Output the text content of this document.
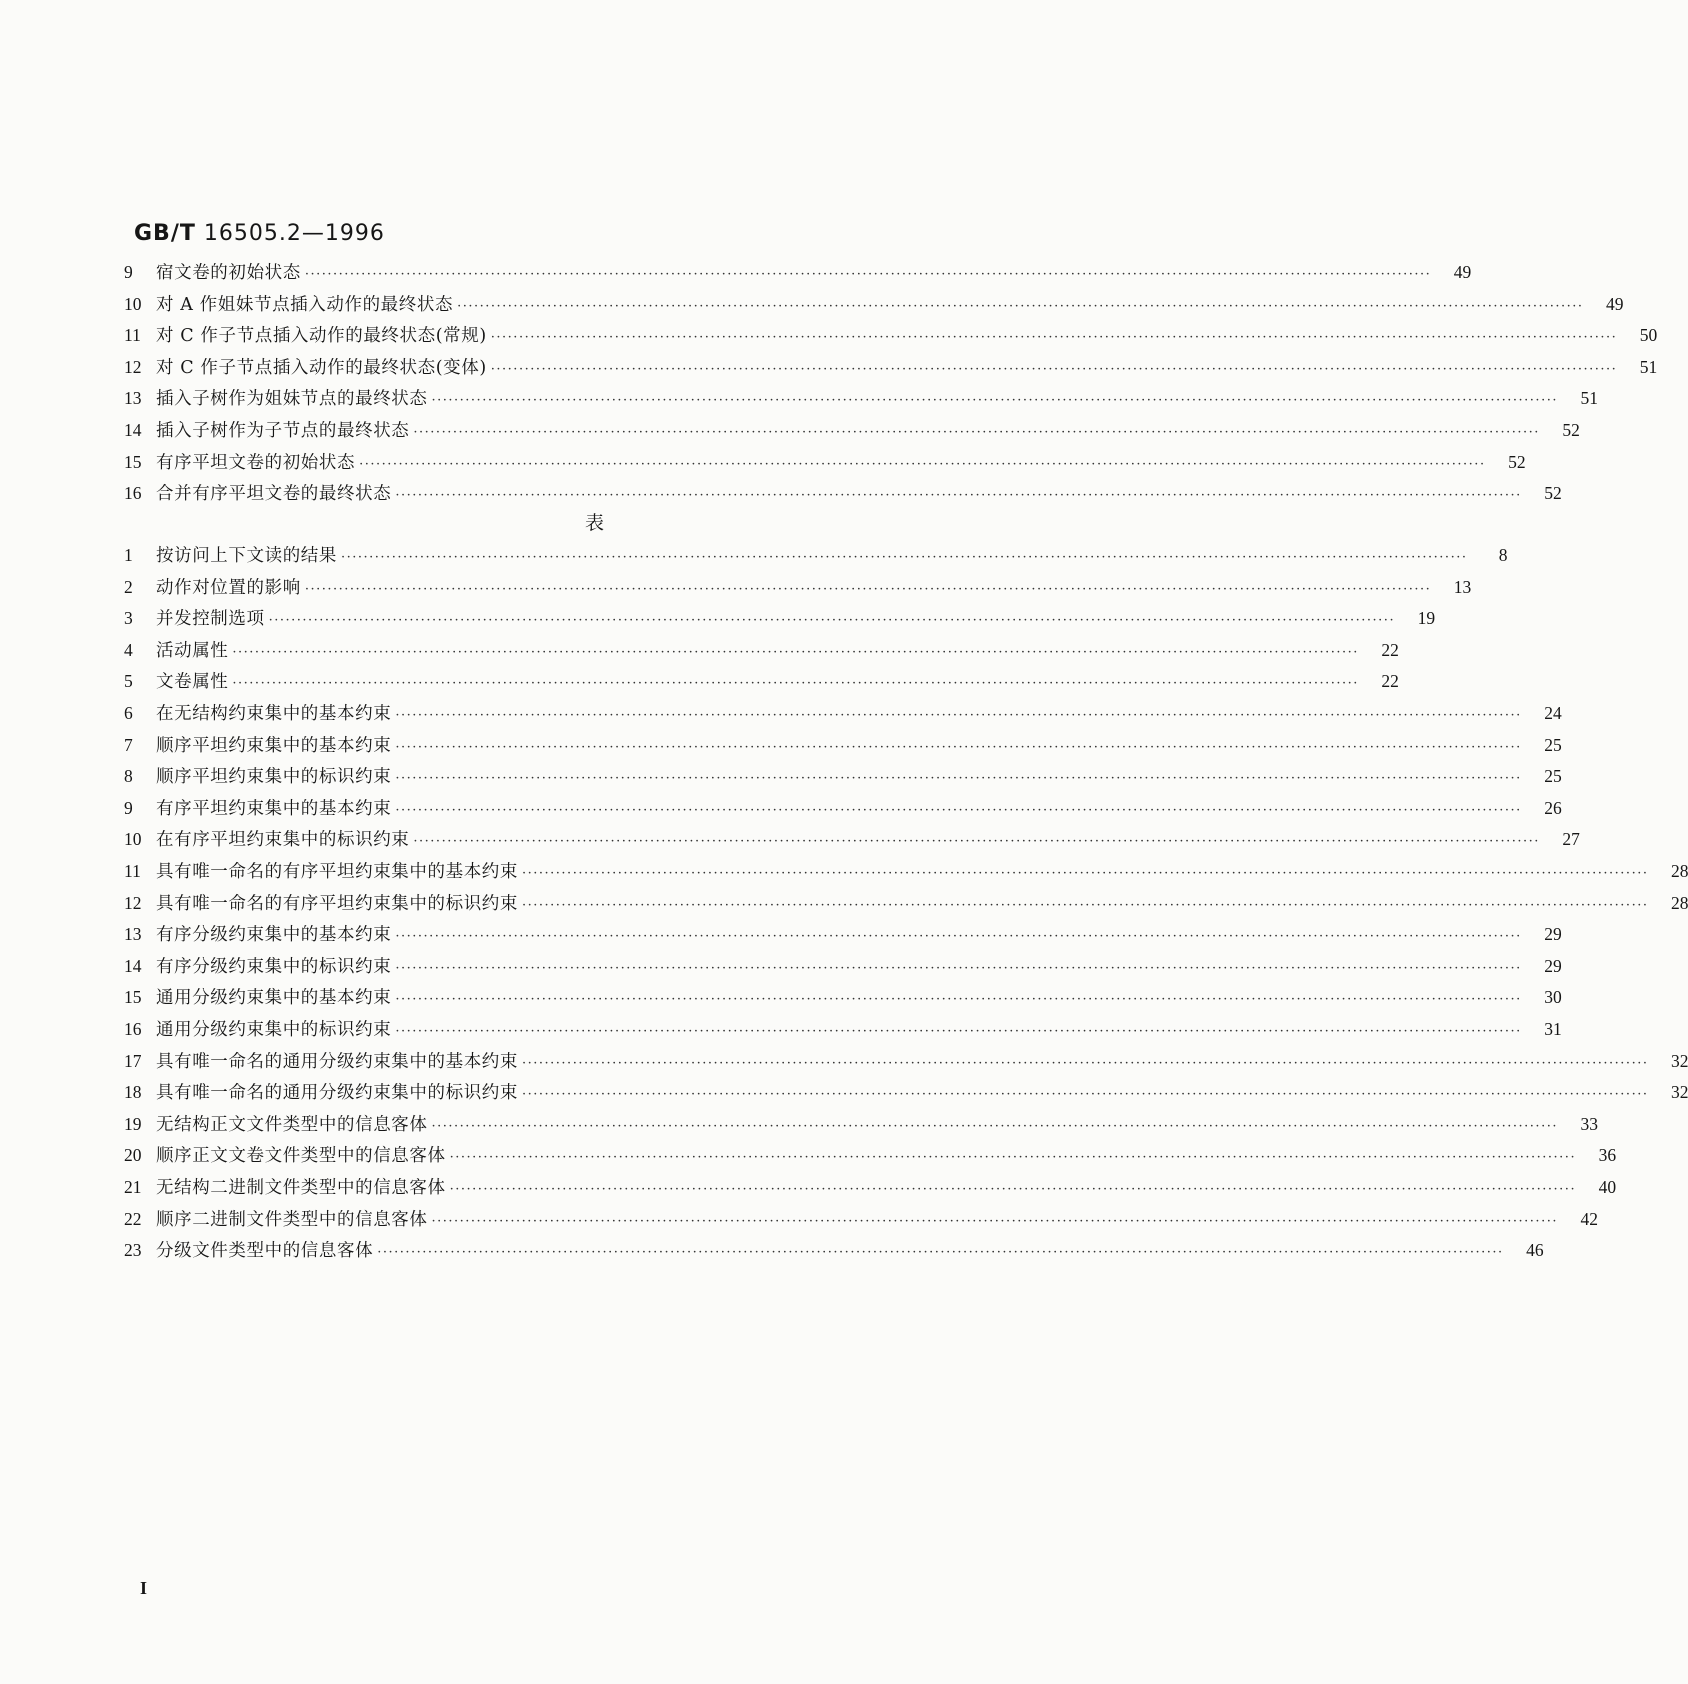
GB/T 16505.2—1996
9	宿文卷的初始状态 ········································································································································································································	49
10 对 A 作姐妹节点插入动作的最终状态 ········································································································································································································	49
11 对 C 作子节点插入动作的最终状态(常规) ········································································································································································································	50
12 对 C 作子节点插入动作的最终状态(变体) ········································································································································································································	51
13 插入子树作为姐妹节点的最终状态 ········································································································································································································	51
14 插入子树作为子节点的最终状态 ········································································································································································································	52
15 有序平坦文卷的初始状态 ········································································································································································································	52
16 合并有序平坦文卷的最终状态 ········································································································································································································	52
表
1	按访问上下文读的结果 ········································································································································································································	8
2	动作对位置的影响 ········································································································································································································	13
3	并发控制选项 ········································································································································································································	19
4	活动属性 ········································································································································································································	22
5	文卷属性 ········································································································································································································	22
6	在无结构约束集中的基本约束 ········································································································································································································	24
7	顺序平坦约束集中的基本约束 ········································································································································································································	25
8	顺序平坦约束集中的标识约束 ········································································································································································································	25
9	有序平坦约束集中的基本约束 ········································································································································································································	26
10 在有序平坦约束集中的标识约束 ········································································································································································································	27
11 具有唯一命名的有序平坦约束集中的基本约束 ········································································································································································································	28
12 具有唯一命名的有序平坦约束集中的标识约束 ········································································································································································································	28
13 有序分级约束集中的基本约束 ········································································································································································································	29
14 有序分级约束集中的标识约束 ········································································································································································································	29
15 通用分级约束集中的基本约束 ········································································································································································································	30
16 通用分级约束集中的标识约束 ········································································································································································································	31
17 具有唯一命名的通用分级约束集中的基本约束 ········································································································································································································	32
18 具有唯一命名的通用分级约束集中的标识约束 ········································································································································································································	32
19 无结构正文文件类型中的信息客体 ········································································································································································································	33
20 顺序正文文卷文件类型中的信息客体 ········································································································································································································	36
21 无结构二进制文件类型中的信息客体 ········································································································································································································	40
22 顺序二进制文件类型中的信息客体 ········································································································································································································	42
23 分级文件类型中的信息客体 ········································································································································································································	46
I
